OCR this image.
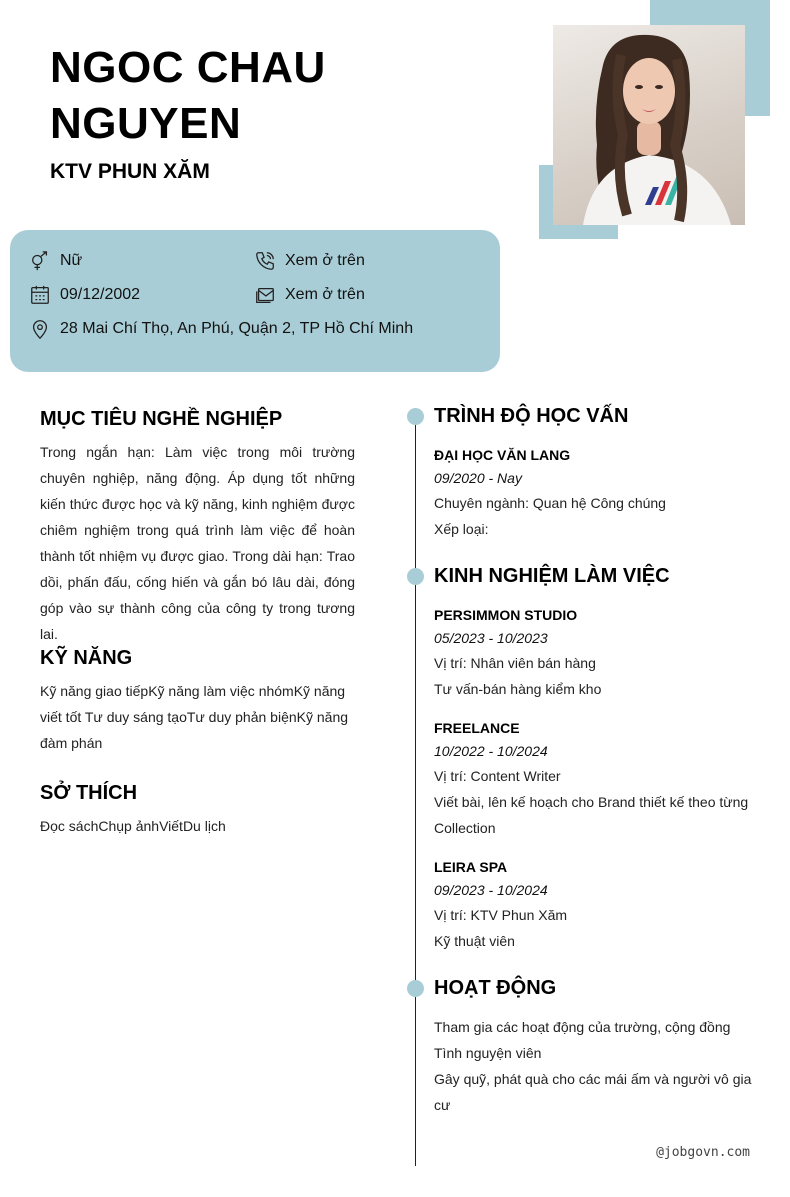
NGOC CHAU
NGUYEN
KTV PHUN XĂM
Nữ	Xem ở trên
09/12/2002	Xem ở trên
28 Mai Chí Thọ, An Phú, Quận 2, TP Hồ Chí Minh
MỤC TIÊU NGHỀ NGHIỆP
Trong ngắn hạn: Làm việc trong môi trường chuyên nghiệp, năng động. Áp dụng tốt những kiến thức được học và kỹ năng, kinh nghiệm được chiêm nghiệm trong quá trình làm việc để hoàn thành tốt nhiệm vụ được giao. Trong dài hạn: Trao dồi, phấn đấu, cống hiến và gắn bó lâu dài, đóng góp vào sự thành công của công ty trong tương lai.
KỸ NĂNG
Kỹ năng giao tiếpKỹ năng làm việc nhómKỹ năng viết tốt Tư duy sáng tạoTư duy phản biệnKỹ năng đàm phán
SỞ THÍCH
Đọc sáchChụp ảnhViếtDu lịch
TRÌNH ĐỘ HỌC VẤN
ĐẠI HỌC VĂN LANG
09/2020 - Nay
Chuyên ngành: Quan hệ Công chúng
Xếp loại:
KINH NGHIỆM LÀM VIỆC
PERSIMMON STUDIO
05/2023 - 10/2023
Vị trí: Nhân viên bán hàng
Tư vấn-bán hàng kiểm kho
FREELANCE
10/2022 - 10/2024
Vị trí: Content Writer
Viết bài, lên kế hoạch cho Brand thiết kế theo từng Collection
LEIRA SPA
09/2023 - 10/2024
Vị trí: KTV Phun Xăm
Kỹ thuật viên
HOẠT ĐỘNG
Tham gia các hoạt động của trường, cộng đồng
Tình nguyện viên
Gây quỹ, phát quà cho các mái ấm và người vô gia cư
@jobgovn.com
